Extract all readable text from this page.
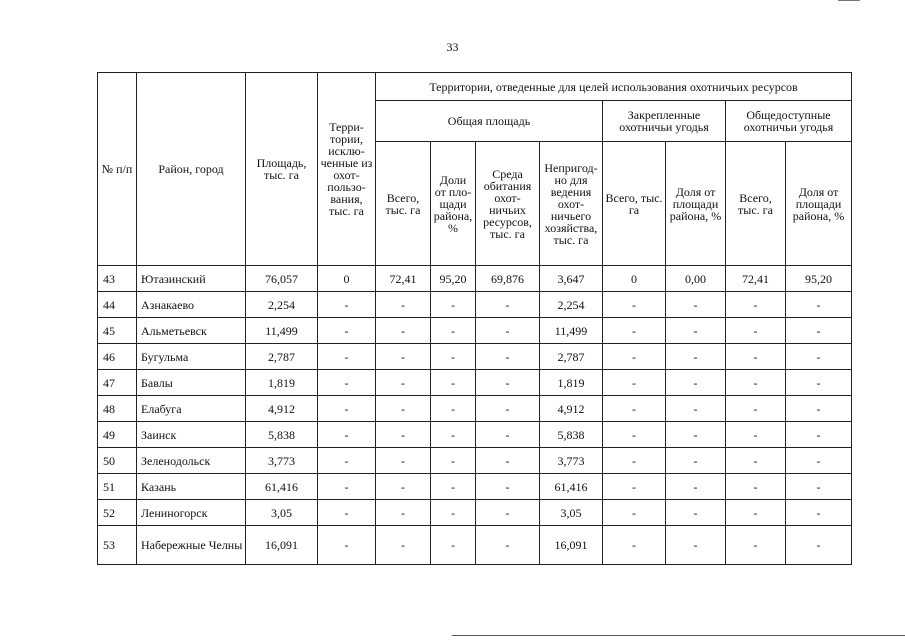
33
№ п/п	Район, город	Площадь, тыс. га	Терри-тории, исклю-ченные из охот-пользо-вания, тыс. га	Территории, отведенные для целей использования охотничьих ресурсов							
				Общая площадь				Закрепленные охотничьи угодья		Общедоступные охотничьи угодья	
				Всего, тыс. га	Доли от пло-щади района, %	Среда обитания охот-ничьих ресурсов, тыс. га	Непригод-но для ведения охот-ничьего хозяйства, тыс. га	Всего, тыс. га	Доля от площади района, %	Всего, тыс. га	Доля от площади района, %
43	Ютазинский	76,057	0	72,41	95,20	69,876	3,647	0	0,00	72,41	95,20
44	Азнакаево	2,254	-	-	-	-	2,254	-	-	-	-
45	Альметьевск	11,499	-	-	-	-	11,499	-	-	-	-
46	Бугульма	2,787	-	-	-	-	2,787	-	-	-	-
47	Бавлы	1,819	-	-	-	-	1,819	-	-	-	-
48	Елабуга	4,912	-	-	-	-	4,912	-	-	-	-
49	Заинск	5,838	-	-	-	-	5,838	-	-	-	-
50	Зеленодольск	3,773	-	-	-	-	3,773	-	-	-	-
51	Казань	61,416	-	-	-	-	61,416	-	-	-	-
52	Лениногорск	3,05	-	-	-	-	3,05	-	-	-	-
53	Набережные Челны	16,091	-	-	-	-	16,091	-	-	-	-
